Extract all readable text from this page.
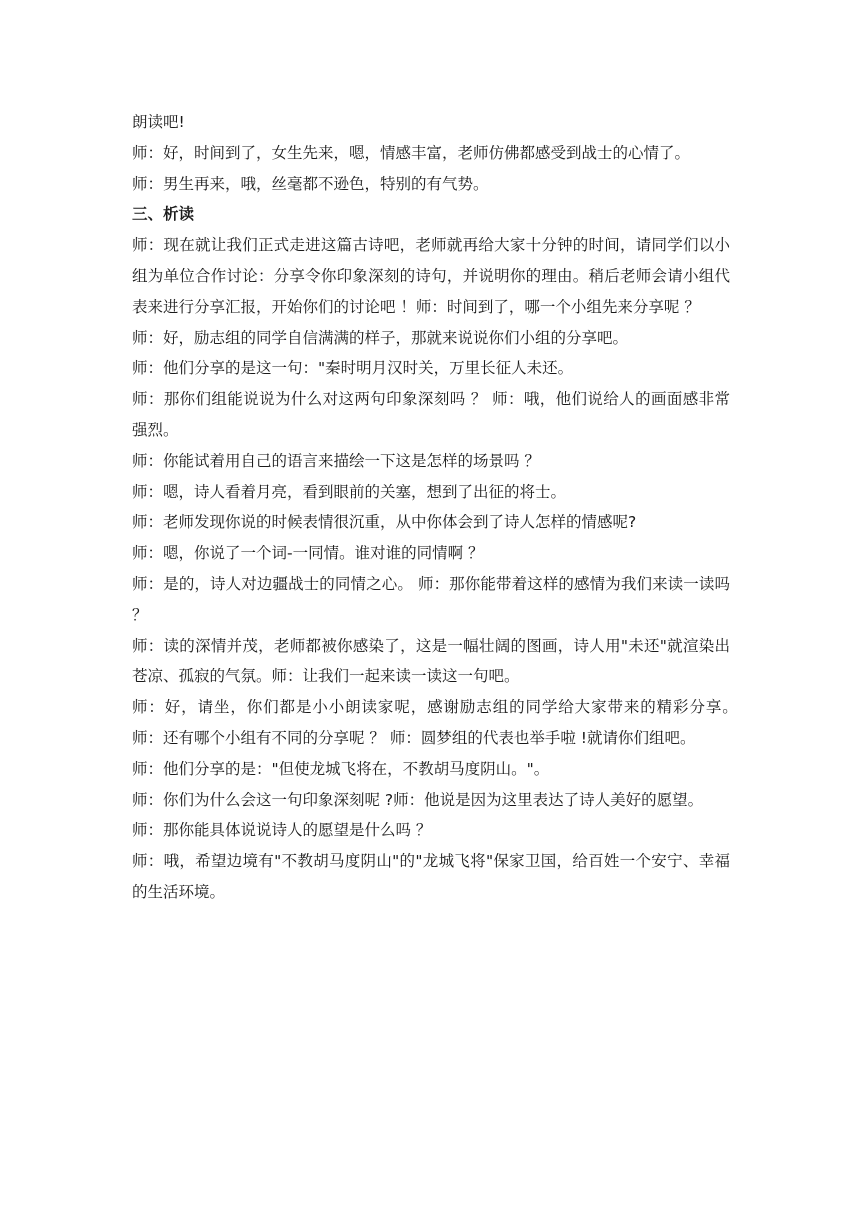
朗读吧!

师：好，时间到了，女生先来，嗯，情感丰富，老师仿佛都感受到战士的心情了。

师：男生再来，哦，丝毫都不逊色，特别的有气势。

三、析读

师：现在就让我们正式走进这篇古诗吧，老师就再给大家十分钟的时间，请同学们以小组为单位合作讨论：分享令你印象深刻的诗句，并说明你的理由。稍后老师会请小组代表来进行分享汇报，开始你们的讨论吧 ！师：时间到了，哪一个小组先来分享呢 ？

师：好，励志组的同学自信满满的样子，那就来说说你们小组的分享吧。

师：他们分享的是这一句："秦时明月汉时关，万里长征人未还。

师：那你们组能说说为什么对这两句印象深刻吗 ？ 师：哦，他们说给人的画面感非常强烈。

师：你能试着用自己的语言来描绘一下这是怎样的场景吗 ？

师：嗯，诗人看着月亮，看到眼前的关塞，想到了出征的将士。

师：老师发现你说的时候表情很沉重，从中你体会到了诗人怎样的情感呢?

师：嗯，你说了一个词-一同情。谁对谁的同情啊 ？

师：是的，诗人对边疆战士的同情之心。 师：那你能带着这样的感情为我们来读一读吗 ？

师：读的深情并茂，老师都被你感染了，这是一幅壮阔的图画，诗人用"未还"就渲染出苍凉、孤寂的气氛。师：让我们一起来读一读这一句吧。

师：好，请坐，你们都是小小朗读家呢，感谢励志组的同学给大家带来的精彩分享。　师：还有哪个小组有不同的分享呢 ？ 师：圆梦组的代表也举手啦 !就请你们组吧。

师：他们分享的是："但使龙城飞将在，不教胡马度阴山。"。

师：你们为什么会这一句印象深刻呢 ?师：他说是因为这里表达了诗人美好的愿望。

师：那你能具体说说诗人的愿望是什么吗 ？

师：哦，希望边境有"不教胡马度阴山"的"龙城飞将"保家卫国，给百姓一个安宁、幸福的生活环境。
